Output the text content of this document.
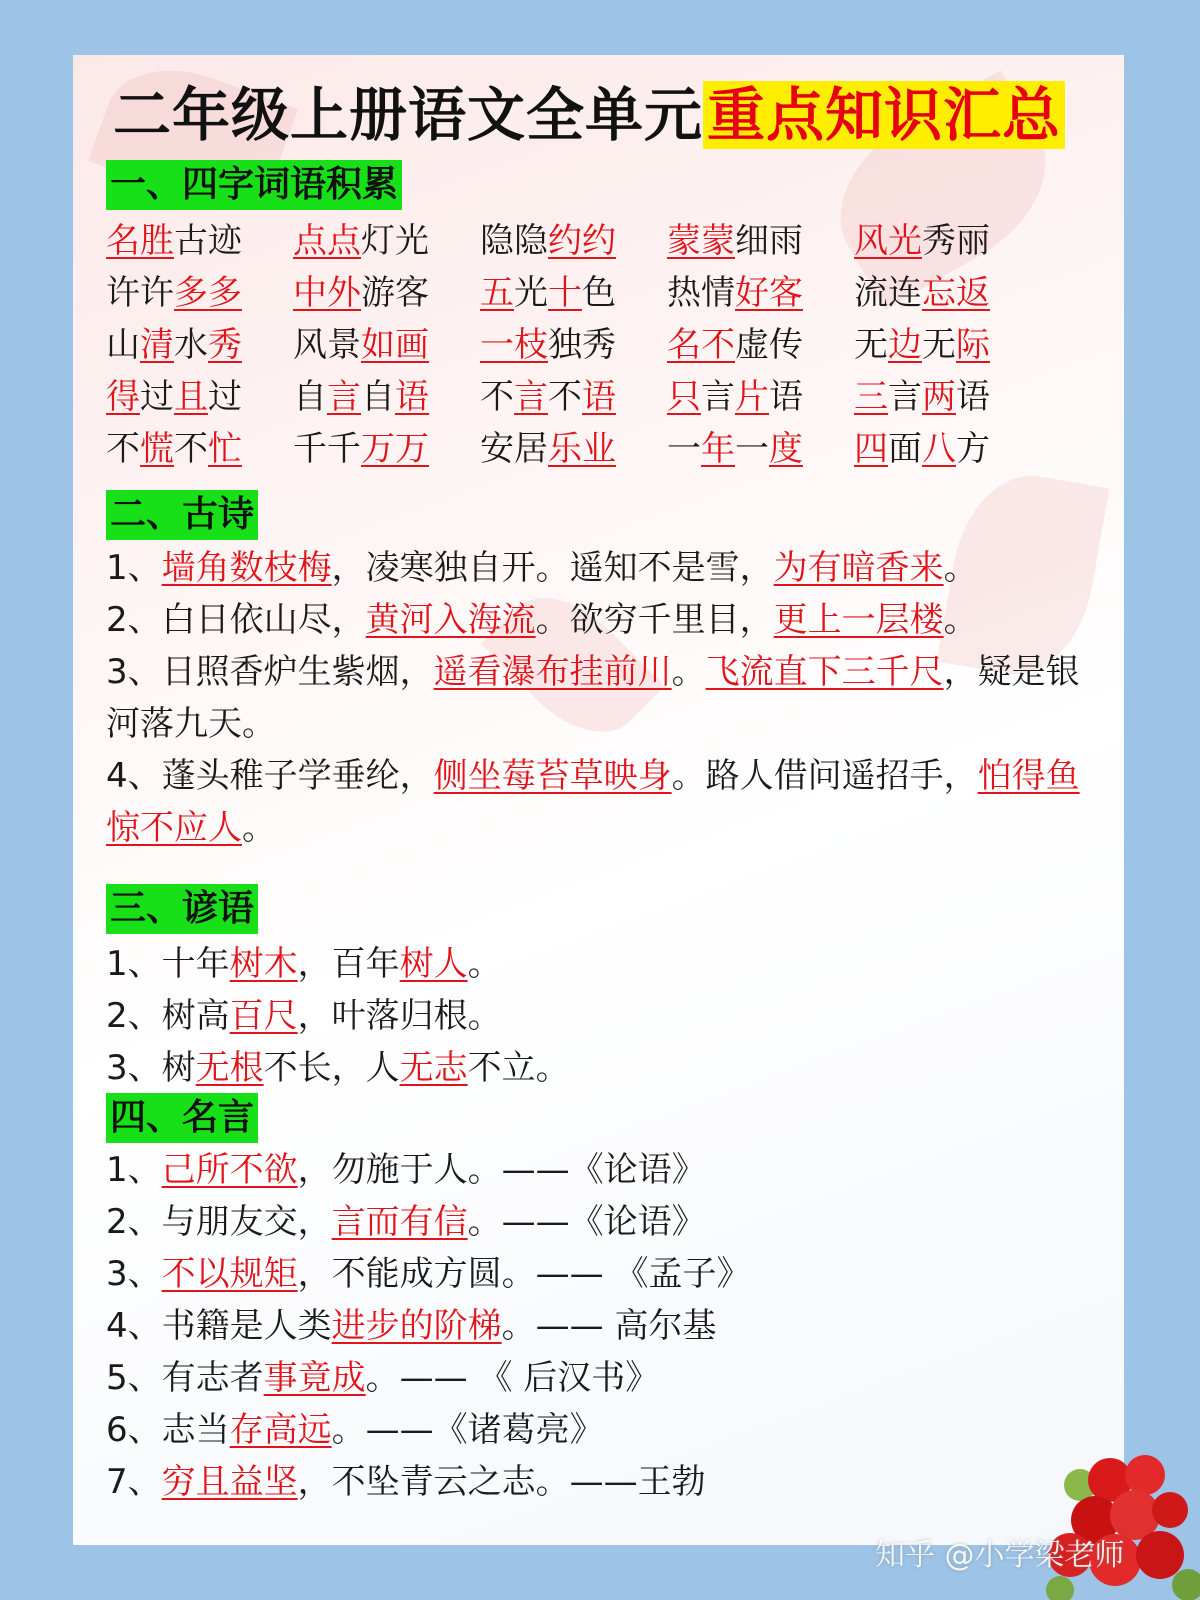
二年级上册语文全单元重点知识汇总
一、四字词语积累
名胜古迹	点点灯光	隐隐约约	蒙蒙细雨	风光秀丽
许许多多	中外游客	五光十色	热情好客	流连忘返
山清水秀	风景如画	一枝独秀	名不虚传	无边无际
得过且过	自言自语	不言不语	只言片语	三言两语
不慌不忙	千千万万	安居乐业	一年一度	四面八方
二、古诗
1、墙角数枝梅，凌寒独自开。遥知不是雪，为有暗香来。
2、白日依山尽，黄河入海流。欲穷千里目，更上一层楼。
3、日照香炉生紫烟，遥看瀑布挂前川。飞流直下三千尺，疑是银河落九天。
4、蓬头稚子学垂纶，侧坐莓苔草映身。路人借问遥招手，怕得鱼惊不应人。
三、谚语
1、十年树木，百年树人。
2、树高百尺，叶落归根。
3、树无根不长，人无志不立。
四、名言
1、己所不欲，勿施于人。——《论语》
2、与朋友交，言而有信。——《论语》
3、不以规矩，不能成方圆。—— 《孟子》
4、书籍是人类进步的阶梯。—— 高尔基
5、有志者事竟成。—— 《 后汉书》
6、志当存高远。——《诸葛亮》
7、穷且益坚，不坠青云之志。——王勃
知乎 @小学梁老师
